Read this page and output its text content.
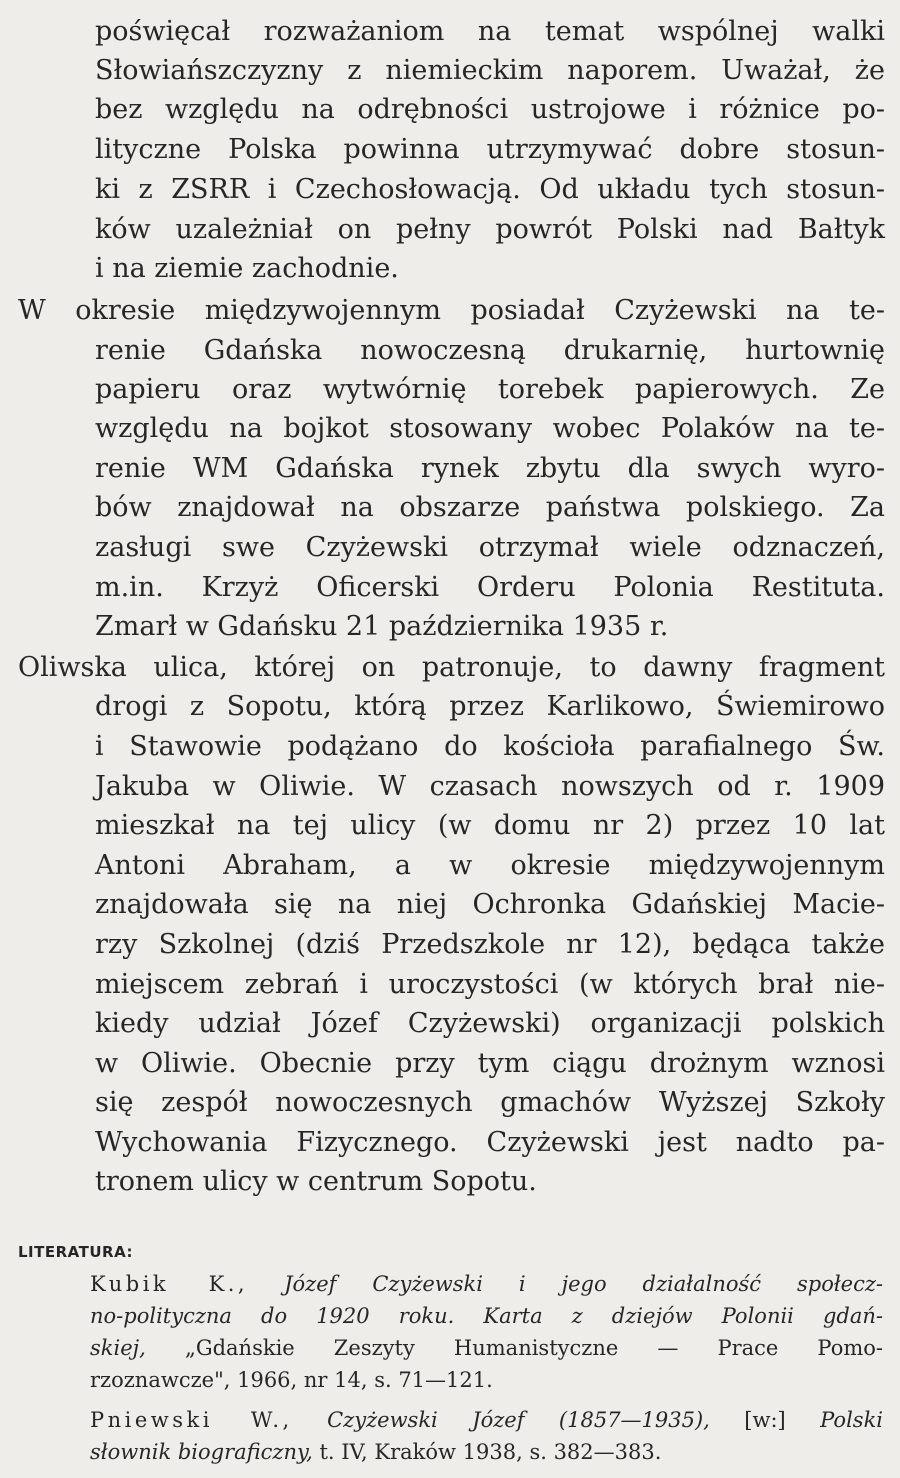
poświęcał rozważaniom na temat wspólnej walki
Słowiańszczyzny z niemieckim naporem. Uważał, że
bez względu na odrębności ustrojowe i różnice po-
lityczne Polska powinna utrzymywać dobre stosun-
ki z ZSRR i Czechosłowacją. Od układu tych stosun-
ków uzależniał on pełny powrót Polski nad Bałtyk
i na ziemie zachodnie.
W okresie międzywojennym posiadał Czyżewski na te-
renie Gdańska nowoczesną drukarnię, hurtownię
papieru oraz wytwórnię torebek papierowych. Ze
względu na bojkot stosowany wobec Polaków na te-
renie WM Gdańska rynek zbytu dla swych wyro-
bów znajdował na obszarze państwa polskiego. Za
zasługi swe Czyżewski otrzymał wiele odznaczeń,
m.in. Krzyż Oficerski Orderu Polonia Restituta.
Zmarł w Gdańsku 21 października 1935 r.
Oliwska ulica, której on patronuje, to dawny fragment
drogi z Sopotu, którą przez Karlikowo, Świemirowo
i Stawowie podążano do kościoła parafialnego Św.
Jakuba w Oliwie. W czasach nowszych od r. 1909
mieszkał na tej ulicy (w domu nr 2) przez 10 lat
Antoni Abraham, a w okresie międzywojennym
znajdowała się na niej Ochronka Gdańskiej Macie-
rzy Szkolnej (dziś Przedszkole nr 12), będąca także
miejscem zebrań i uroczystości (w których brał nie-
kiedy udział Józef Czyżewski) organizacji polskich
w Oliwie. Obecnie przy tym ciągu drożnym wznosi
się zespół nowoczesnych gmachów Wyższej Szkoły
Wychowania Fizycznego. Czyżewski jest nadto pa-
tronem ulicy w centrum Sopotu.
LITERATURA:
Kubik K., Józef Czyżewski i jego działalność społecz-
no-polityczna do 1920 roku. Karta z dziejów Polonii gdań-
skiej, „Gdańskie Zeszyty Humanistyczne — Prace Pomo-
rzoznawcze", 1966, nr 14, s. 71—121.
Pniewski W., Czyżewski Józef (1857—1935), [w:] Polski
słownik biograficzny, t. IV, Kraków 1938, s. 382—383.
